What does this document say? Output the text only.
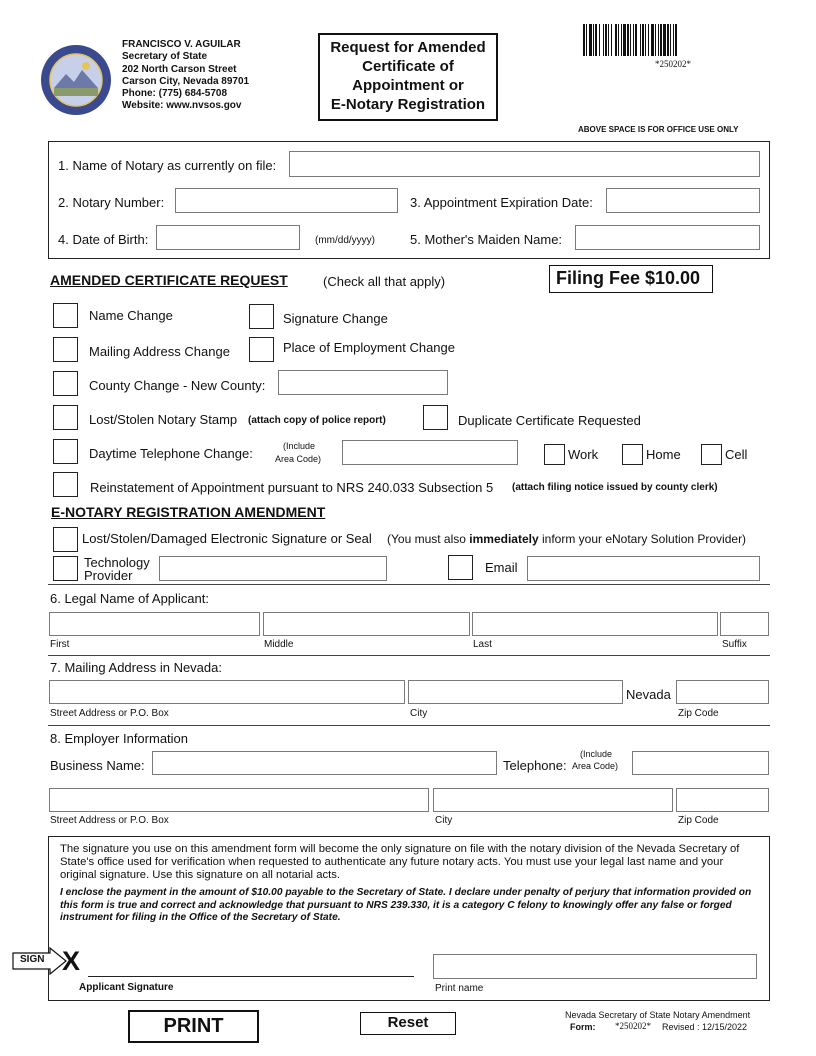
FRANCISCO V. AGUILAR
Secretary of State
202 North Carson Street
Carson City, Nevada 89701
Phone: (775) 684-5708
Website: www.nvsos.gov
Request for Amended
Certificate of
Appointment or
E-Notary Registration
*250202*
ABOVE SPACE IS FOR OFFICE USE ONLY
1. Name of Notary as currently on file:
2. Notary Number:	3. Appointment Expiration Date:
4. Date of Birth:	(mm/dd/yyyy)	5. Mother's Maiden Name:
AMENDED CERTIFICATE REQUEST	(Check all that apply)	Filing Fee $10.00
Name Change	Signature Change
Mailing Address Change	Place of Employment Change
County Change - New County:
Lost/Stolen Notary Stamp (attach copy of police report)	Duplicate Certificate Requested
Daytime Telephone Change:	(Include
Area Code)	Work	Home	Cell
Reinstatement of Appointment pursuant to NRS 240.033 Subsection 5 (attach filing notice issued by county clerk)
E-NOTARY REGISTRATION AMENDMENT
Lost/Stolen/Damaged Electronic Signature or Seal (You must also immediately inform your eNotary Solution Provider)
Technology
Provider
Email
6. Legal Name of Applicant:
First	Middle	Last	Suffix
7. Mailing Address in Nevada:
Nevada
Street Address or P.O. Box	City	Zip Code
8. Employer Information
Business Name:	Telephone:
(Include
Area Code)
Street Address or P.O. Box	City	Zip Code
The signature you use on this amendment form will become the only signature on file with the notary division of the Nevada Secretary of State's office used for verification when requested to authenticate any future notary acts. You must use your legal last name and your original signature. Use this signature on all notarial acts.
I enclose the payment in the amount of $10.00 payable to the Secretary of State. I declare under penalty of perjury that information provided on this form is true and correct and acknowledge that pursuant to NRS 239.330, it is a category C felony to knowingly offer any false or forged instrument for filing in the Office of the Secretary of State.
SIGN X
Applicant Signature	Print name
PRINT	Reset	Nevada Secretary of State Notary Amendment
Form: *250202* Revised : 12/15/2022
